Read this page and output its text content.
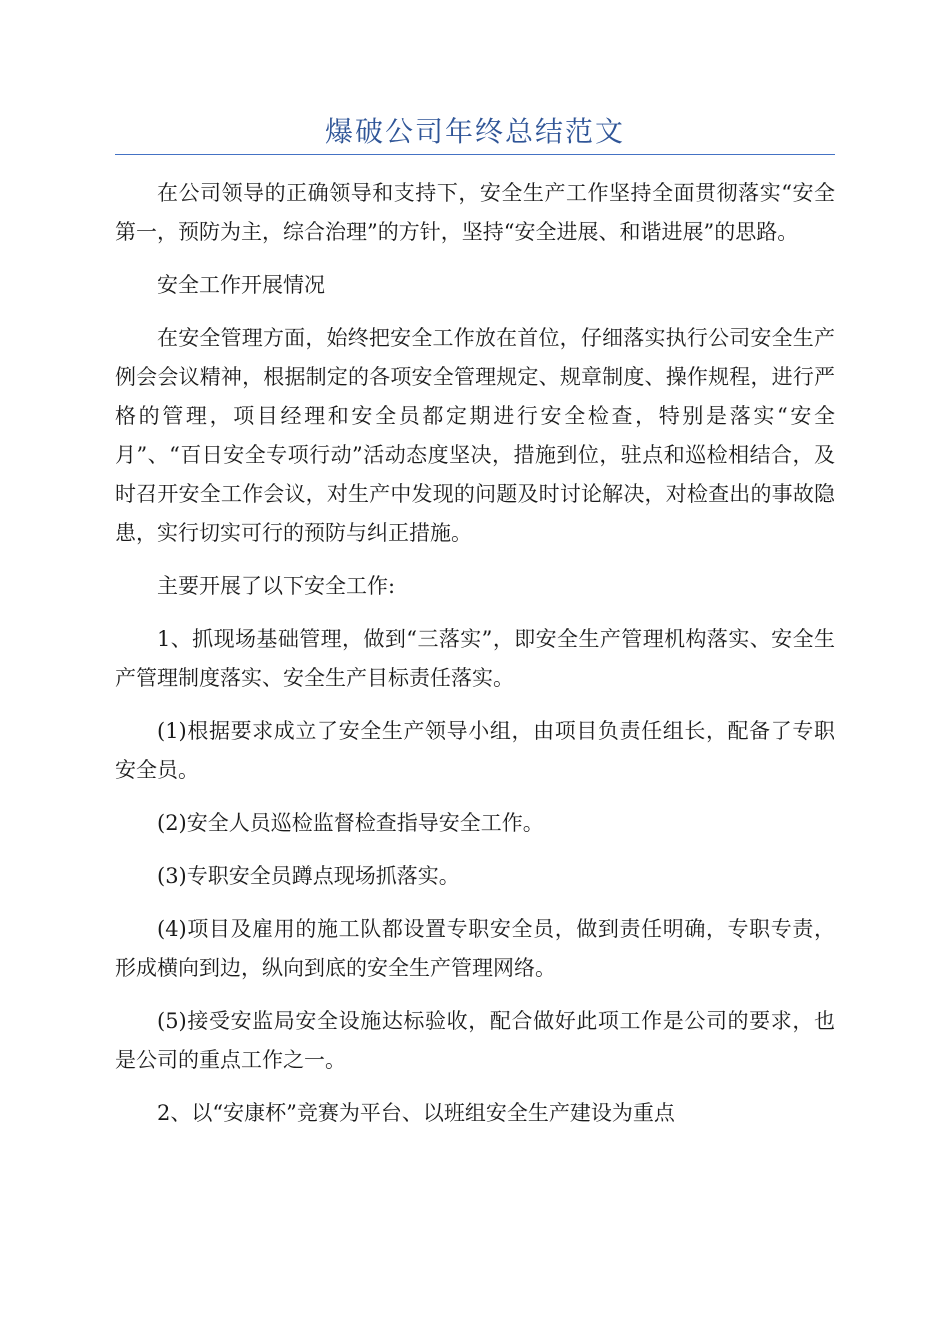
爆破公司年终总结范文

在公司领导的正确领导和支持下，安全生产工作坚持全面贯彻落实“安全第一，预防为主，综合治理”的方针，坚持“安全进展、和谐进展”的思路。

安全工作开展情况

在安全管理方面，始终把安全工作放在首位，仔细落实执行公司安全生产例会会议精神，根据制定的各项安全管理规定、规章制度、操作规程，进行严格的管理，项目经理和安全员都定期进行安全检查，特别是落实“安全月”、“百日安全专项行动”活动态度坚决，措施到位，驻点和巡检相结合，及时召开安全工作会议，对生产中发现的问题及时讨论解决，对检查出的事故隐患，实行切实可行的预防与纠正措施。

主要开展了以下安全工作:

1、抓现场基础管理，做到“三落实”，即安全生产管理机构落实、安全生产管理制度落实、安全生产目标责任落实。

(1)根据要求成立了安全生产领导小组，由项目负责任组长，配备了专职安全员。

(2)安全人员巡检监督检查指导安全工作。

(3)专职安全员蹲点现场抓落实。

(4)项目及雇用的施工队都设置专职安全员，做到责任明确，专职专责，形成横向到边，纵向到底的安全生产管理网络。

(5)接受安监局安全设施达标验收，配合做好此项工作是公司的要求，也是公司的重点工作之一。

2、以“安康杯”竞赛为平台、以班组安全生产建设为重点
